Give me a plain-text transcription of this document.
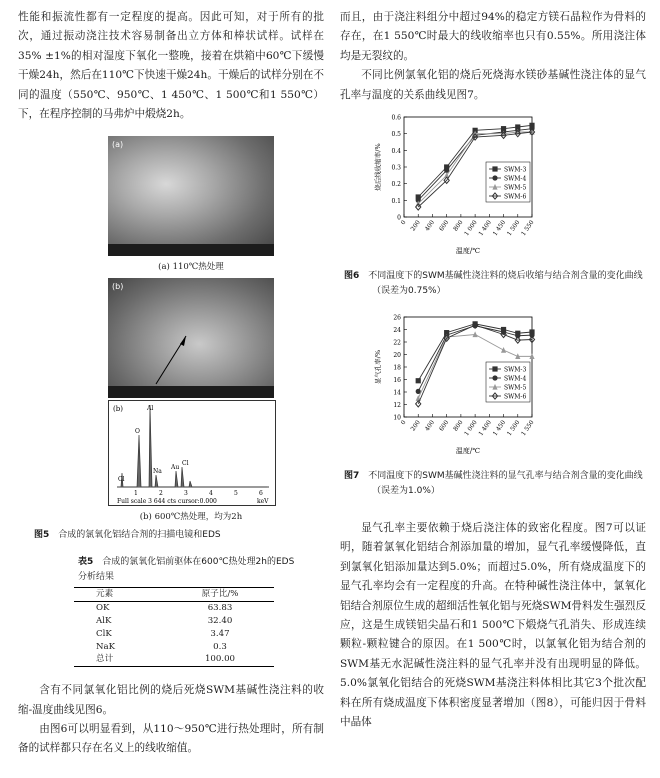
性能和振流性都有一定程度的提高。因此可知，对于所有的批次，通过振动浇注技术容易制备出立方体和棒状试样。试样在35% ±1%的相对湿度下氧化一整晚，接着在烘箱中60℃下缓慢干燥24h，然后在110℃下快速干燥24h。干燥后的试样分别在不同的温度（550℃、950℃、1 450℃、1 500℃和1 550℃）下，在程序控制的马弗炉中煅烧2h。

(a)
(a) 110℃热处理
(b)
(b)
Cl
O
Al
Na
Au
Cl
1	2	3	4	5	6
keV
Full scale 3 644 cts cursor:0.000
(b) 600℃热处理，均为2h

图5  合成的氯氧化铝结合剂的扫描电镜和EDS

表5  合成的氯氧化铝前驱体在600℃热处理2h的EDS分析结果

元素	原子比/%
OK	63.83
AlK	32.40
ClK	3.47
NaK	0.3
总计	100.00

含有不同氯氧化铝比例的烧后死烧SWM基碱性浇注料的收缩-温度曲线见图6。

由图6可以明显看到，从110～950℃进行热处理时，所有制备的试样都只存在名义上的线收缩值。

而且，由于浇注料组分中超过94%的稳定方镁石晶粒作为骨料的存在，在1 550℃时最大的线收缩率也只有0.55%。所用浇注体均是无裂纹的。

不同比例氯氧化铝的烧后死烧海水镁砂基碱性浇注体的显气孔率与温度的关系曲线见图7。

0
0.1
0.2
0.3
0.4
0.5
0.6
0 200 400 600 800
1 000
1 400
1 450
1 500
1 550
温度/℃
烧后线收缩率/%	SWM-3
SWM-4
SWM-5
SWM-6

图6  不同温度下的SWM基碱性浇注料的烧后收缩与结合剂含量的变化曲线（误差为0.75%）

10
12
14
16
18
20
22
24
26
0 200 400 600 800
1 000
1 400
1 450
1 500
1 550
温度/℃
显气孔率/%	SWM-3
SWM-4
SWM-5
SWM-6

图7  不同温度下的SWM基碱性浇注料的显气孔率与结合剂含量的变化曲线（误差为1.0%）

显气孔率主要依赖于烧后浇注体的致密化程度。图7可以证明，随着氯氧化铝结合剂添加量的增加，显气孔率缓慢降低，直到氯氧化铝添加量达到5.0%；而超过5.0%，所有烧成温度下的显气孔率均会有一定程度的升高。在特种碱性浇注体中，氯氧化铝结合剂原位生成的超细活性氧化铝与死烧SWM骨料发生强烈反应，这是生成镁铝尖晶石和1 500℃下煅烧气孔消失、形成连续颗粒-颗粒键合的原因。在1 500℃时，以氯氧化铝为结合剂的SWM基无水泥碱性浇注料的显气孔率并没有出现明显的降低。5.0%氯氧化铝结合的死烧SWM基浇注料体相比其它3个批次配料在所有烧成温度下体积密度显著增加（图8），可能归因于骨料中晶体
